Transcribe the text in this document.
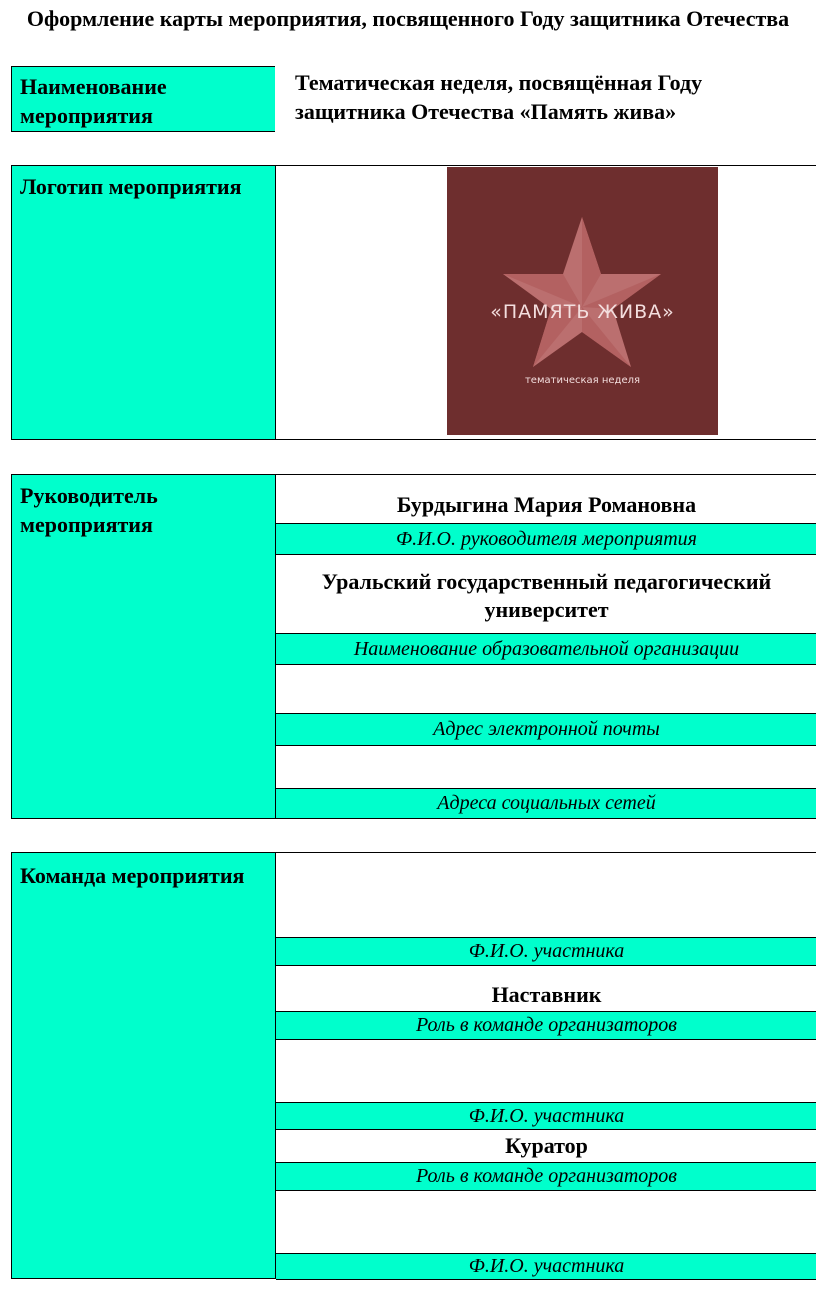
Оформление карты мероприятия, посвященного Году защитника Отечества
Наименование мероприятия
Тематическая неделя, посвящённая Году защитника Отечества «Память жива»
Логотип мероприятия
«ПАМЯТЬ ЖИВА»
тематическая неделя
Руководитель мероприятия
Бурдыгина Мария Романовна
Ф.И.О. руководителя мероприятия
Уральский государственный педагогический университет
Наименование образовательной организации
Адрес электронной почты
Адреса социальных сетей
Команда мероприятия
Ф.И.О. участника
Наставник
Роль в команде организаторов
Ф.И.О. участника
Куратор
Роль в команде организаторов
Ф.И.О. участника
